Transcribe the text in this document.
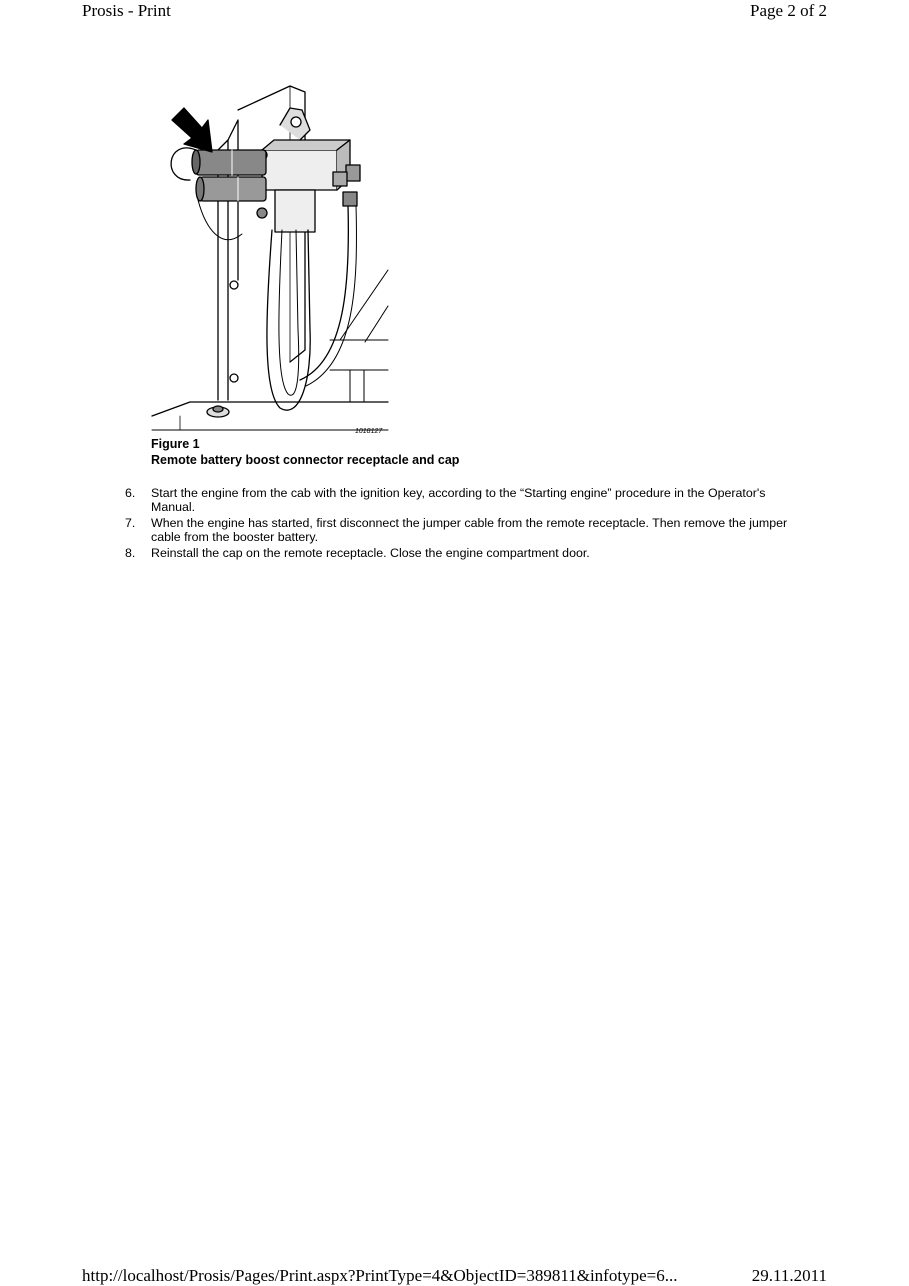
Prosis - Print	Page 2 of 2
1018127
Figure 1
Remote battery boost connector receptacle and cap
6. Start the engine from the cab with the ignition key, according to the “Starting engine” procedure in the Operator's Manual.
7. When the engine has started, first disconnect the jumper cable from the remote receptacle. Then remove the jumper cable from the booster battery.
8. Reinstall the cap on the remote receptacle. Close the engine compartment door.
http://localhost/Prosis/Pages/Print.aspx?PrintType=4&ObjectID=389811&infotype=6...	29.11.2011
